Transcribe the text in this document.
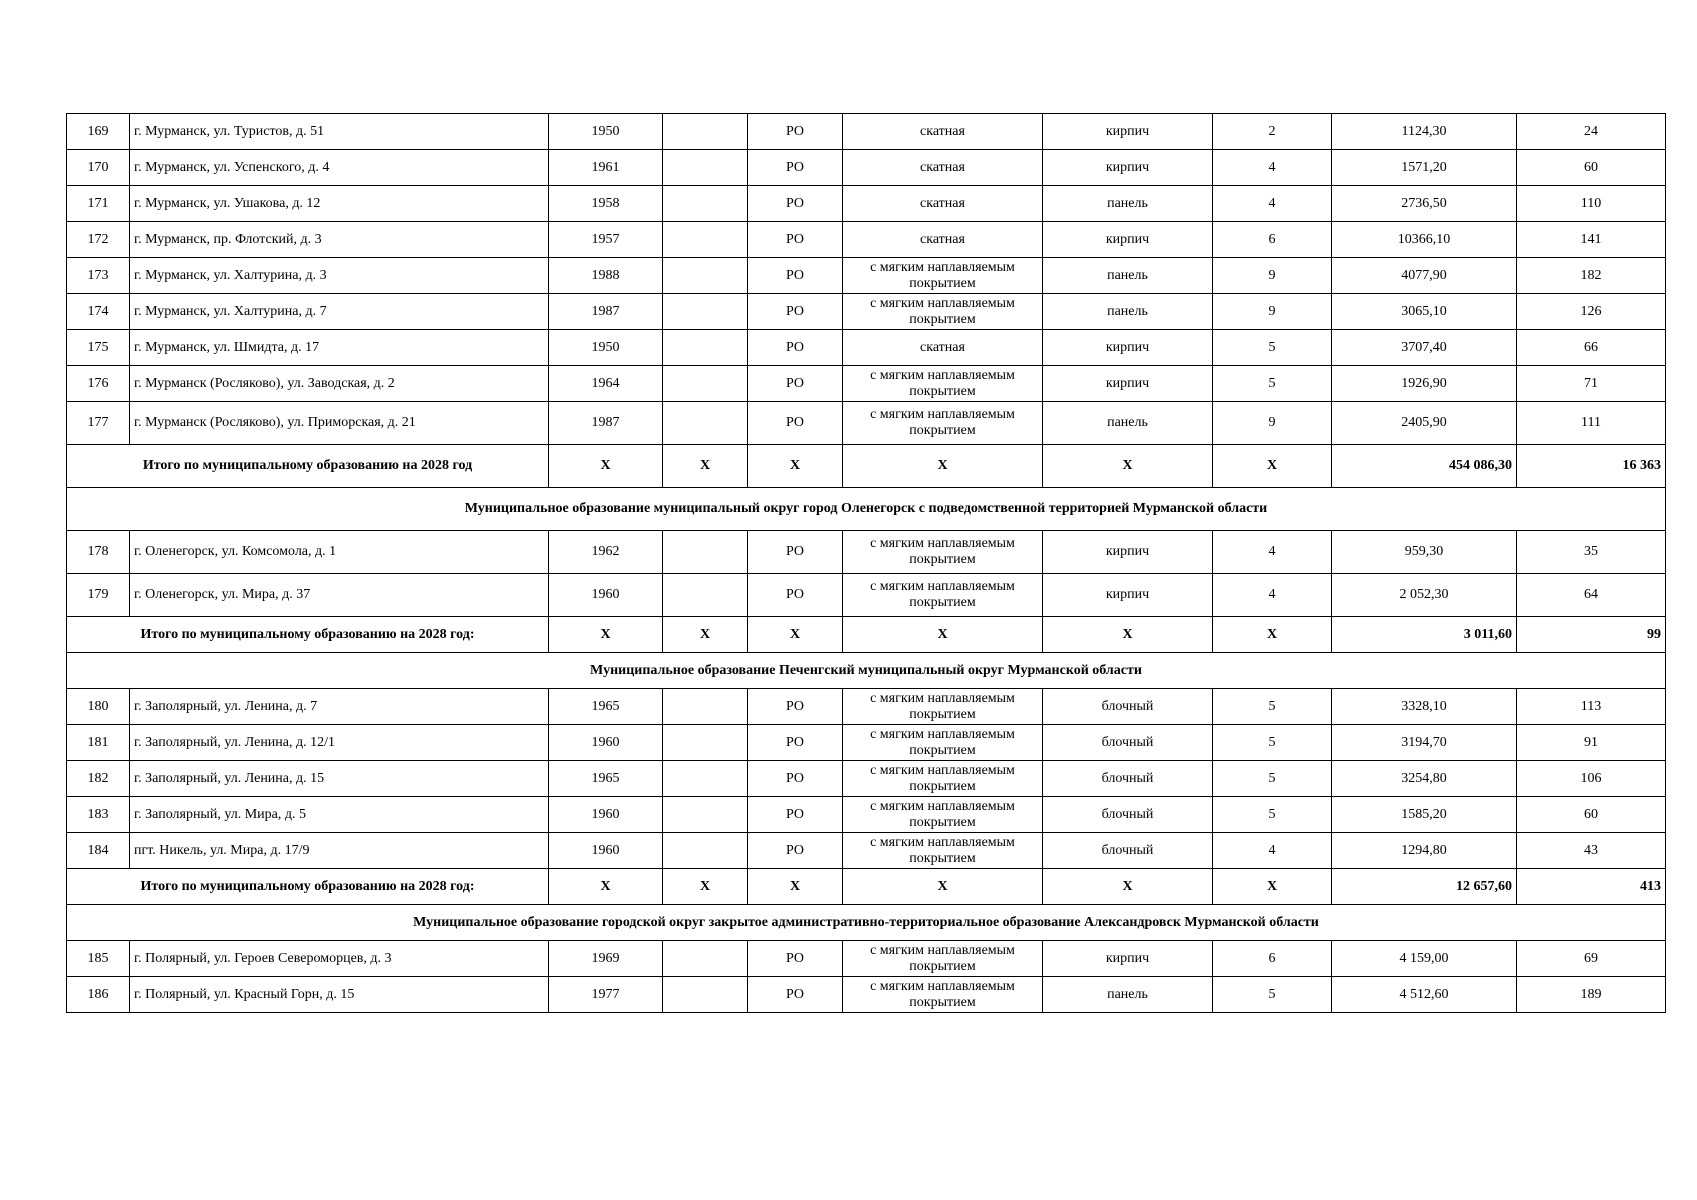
169	г. Мурманск, ул. Туристов, д. 51	1950		РО	скатная	кирпич	2	1124,30	24
170	г. Мурманск, ул. Успенского, д. 4	1961		РО	скатная	кирпич	4	1571,20	60
171	г. Мурманск, ул. Ушакова, д. 12	1958		РО	скатная	панель	4	2736,50	110
172	г. Мурманск, пр. Флотский, д. 3	1957		РО	скатная	кирпич	6	10366,10	141
173	г. Мурманск, ул. Халтурина, д. 3	1988		РО	с мягким наплавляемым
покрытием	панель	9	4077,90	182
174	г. Мурманск, ул. Халтурина, д. 7	1987		РО	с мягким наплавляемым
покрытием	панель	9	3065,10	126
175	г. Мурманск, ул. Шмидта, д. 17	1950		РО	скатная	кирпич	5	3707,40	66
176	г. Мурманск (Росляково), ул. Заводская, д. 2	1964		РО	с мягким наплавляемым
покрытием	кирпич	5	1926,90	71
177	г. Мурманск (Росляково), ул. Приморская, д. 21	1987		РО	с мягким наплавляемым
покрытием	панель	9	2405,90	111
Итого по муниципальному образованию на 2028 год		X	X	X	X	X	X	454 086,30	16 363
Муниципальное образование муниципальный округ город Оленегорск с подведомственной территорией Мурманской области									
178	г. Оленегорск, ул. Комсомола, д. 1	1962		РО	с мягким наплавляемым
покрытием	кирпич	4	959,30	35
179	г. Оленегорск, ул. Мира, д. 37	1960		РО	с мягким наплавляемым
покрытием	кирпич	4	2 052,30	64
Итого по муниципальному образованию на 2028 год:		X	X	X	X	X	X	3 011,60	99
Муниципальное образование Печенгский муниципальный округ Мурманской области									
180	г. Заполярный, ул. Ленина, д. 7	1965		РО	с мягким наплавляемым
покрытием	блочный	5	3328,10	113
181	г. Заполярный, ул. Ленина, д. 12/1	1960		РО	с мягким наплавляемым
покрытием	блочный	5	3194,70	91
182	г. Заполярный, ул. Ленина, д. 15	1965		РО	с мягким наплавляемым
покрытием	блочный	5	3254,80	106
183	г. Заполярный, ул. Мира, д. 5	1960		РО	с мягким наплавляемым
покрытием	блочный	5	1585,20	60
184	пгт. Никель, ул. Мира, д. 17/9	1960		РО	с мягким наплавляемым
покрытием	блочный	4	1294,80	43
Итого по муниципальному образованию на 2028 год:		X	X	X	X	X	X	12 657,60	413
Муниципальное образование городской округ закрытое административно-территориальное образование Александровск Мурманской области									
185	г. Полярный, ул. Героев Североморцев, д. 3	1969		РО	с мягким наплавляемым
покрытием	кирпич	6	4 159,00	69
186	г. Полярный, ул. Красный Горн, д. 15	1977		РО	с мягким наплавляемым
покрытием	панель	5	4 512,60	189
